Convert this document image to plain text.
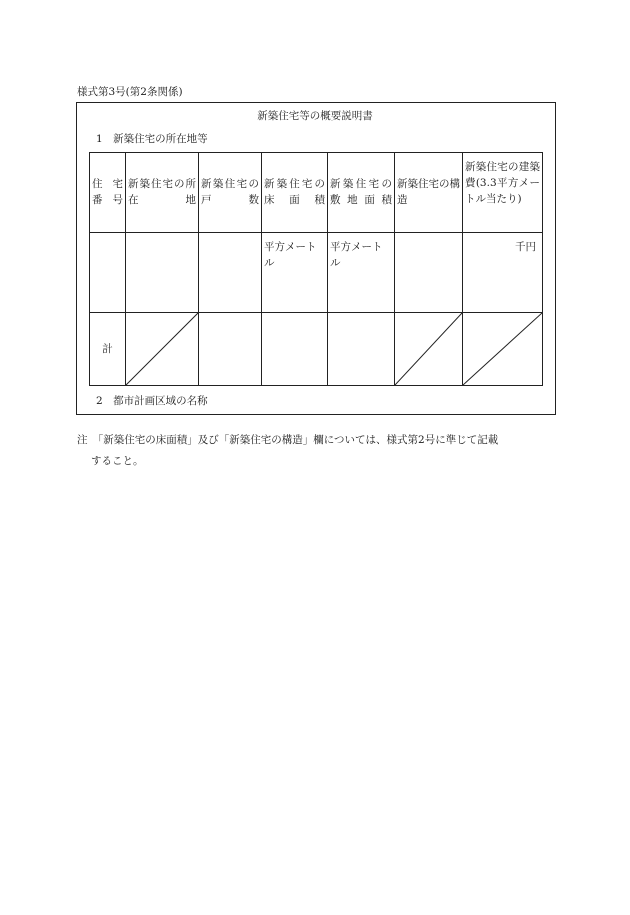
様式第3号(第2条関係)
新築住宅等の概要説明書
1　新築住宅の所在地等
住宅番号	新築住宅の所在地	新築住宅の戸数	新築住宅の床面積	新築住宅の敷地面積	新築住宅の構造	新築住宅の建築費(3.3平方メートル当たり)

			平方メートル	平方メートル		千円

計

2　都市計画区域の名称
注　「新築住宅の床面積」及び「新築住宅の構造」欄については、様式第2号に準じて記載
すること。
